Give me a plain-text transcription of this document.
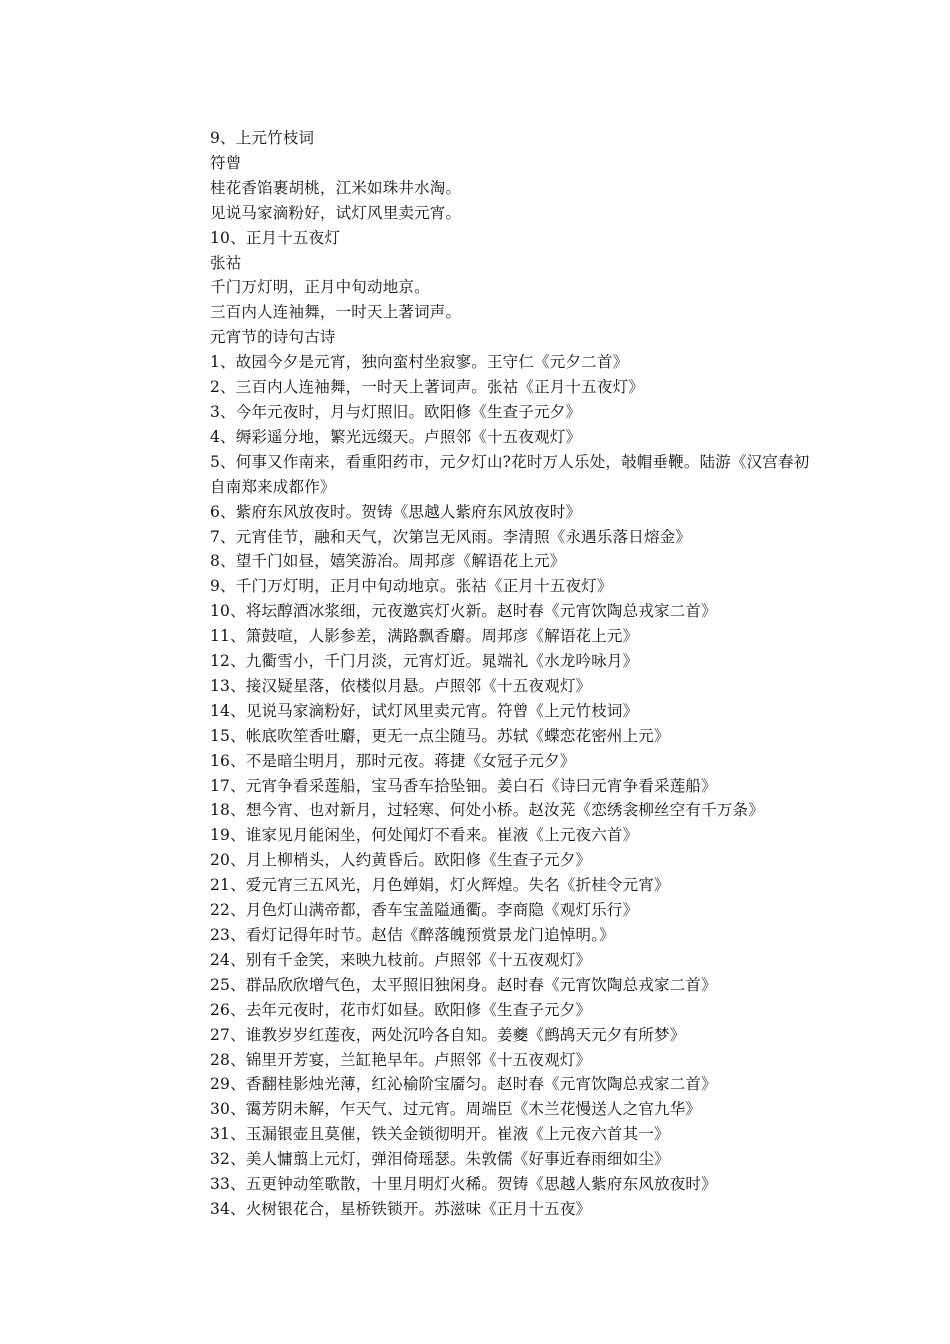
9、上元竹枝词
符曾
桂花香馅裹胡桃，江米如珠井水淘。
见说马家滴粉好，试灯风里卖元宵。
10、正月十五夜灯
张祜
千门万灯明，正月中旬动地京。
三百内人连袖舞，一时天上著词声。
元宵节的诗句古诗
1、故园今夕是元宵，独向蛮村坐寂寥。王守仁《元夕二首》
2、三百内人连袖舞，一时天上著词声。张祜《正月十五夜灯》
3、今年元夜时，月与灯照旧。欧阳修《生查子元夕》
4、缛彩遥分地，繁光远缀天。卢照邻《十五夜观灯》
5、何事又作南来，看重阳药市，元夕灯山?花时万人乐处，攲帽垂鞭。陆游《汉宫春初自南郑来成都作》
6、紫府东风放夜时。贺铸《思越人紫府东风放夜时》
7、元宵佳节，融和天气，次第岂无风雨。李清照《永遇乐落日熔金》
8、望千门如昼，嬉笑游冶。周邦彦《解语花上元》
9、千门万灯明，正月中旬动地京。张祜《正月十五夜灯》
10、将坛醇酒冰浆细，元夜邀宾灯火新。赵时春《元宵饮陶总戎家二首》
11、箫鼓喧，人影参差，满路飘香麝。周邦彦《解语花上元》
12、九衢雪小，千门月淡，元宵灯近。晁端礼《水龙吟咏月》
13、接汉疑星落，依楼似月悬。卢照邻《十五夜观灯》
14、见说马家滴粉好，试灯风里卖元宵。符曾《上元竹枝词》
15、帐底吹笙香吐麝，更无一点尘随马。苏轼《蝶恋花密州上元》
16、不是暗尘明月，那时元夜。蒋捷《女冠子元夕》
17、元宵争看采莲船，宝马香车拾坠钿。姜白石《诗曰元宵争看采莲船》
18、想今宵、也对新月，过轻寒、何处小桥。赵汝茪《恋绣衾柳丝空有千万条》
19、谁家见月能闲坐，何处闻灯不看来。崔液《上元夜六首》
20、月上柳梢头，人约黄昏后。欧阳修《生查子元夕》
21、爱元宵三五风光，月色婵娟，灯火辉煌。失名《折桂令元宵》
22、月色灯山满帝都，香车宝盖隘通衢。李商隐《观灯乐行》
23、看灯记得年时节。赵佶《醉落魄预赏景龙门追悼明。》
24、别有千金笑，来映九枝前。卢照邻《十五夜观灯》
25、群品欣欣增气色，太平照旧独闲身。赵时春《元宵饮陶总戎家二首》
26、去年元夜时，花市灯如昼。欧阳修《生查子元夕》
27、谁教岁岁红莲夜，两处沉吟各自知。姜夔《鹧鸪天元夕有所梦》
28、锦里开芳宴，兰缸艳早年。卢照邻《十五夜观灯》
29、香翻桂影烛光薄，红沁榆阶宝靥匀。赵时春《元宵饮陶总戎家二首》
30、霭芳阴未解，乍天气、过元宵。周端臣《木兰花慢送人之官九华》
31、玉漏银壶且莫催，铁关金锁彻明开。崔液《上元夜六首其一》
32、美人慵翦上元灯，弹泪倚瑶瑟。朱敦儒《好事近春雨细如尘》
33、五更钟动笙歌散，十里月明灯火稀。贺铸《思越人紫府东风放夜时》
34、火树银花合，星桥铁锁开。苏滋味《正月十五夜》
